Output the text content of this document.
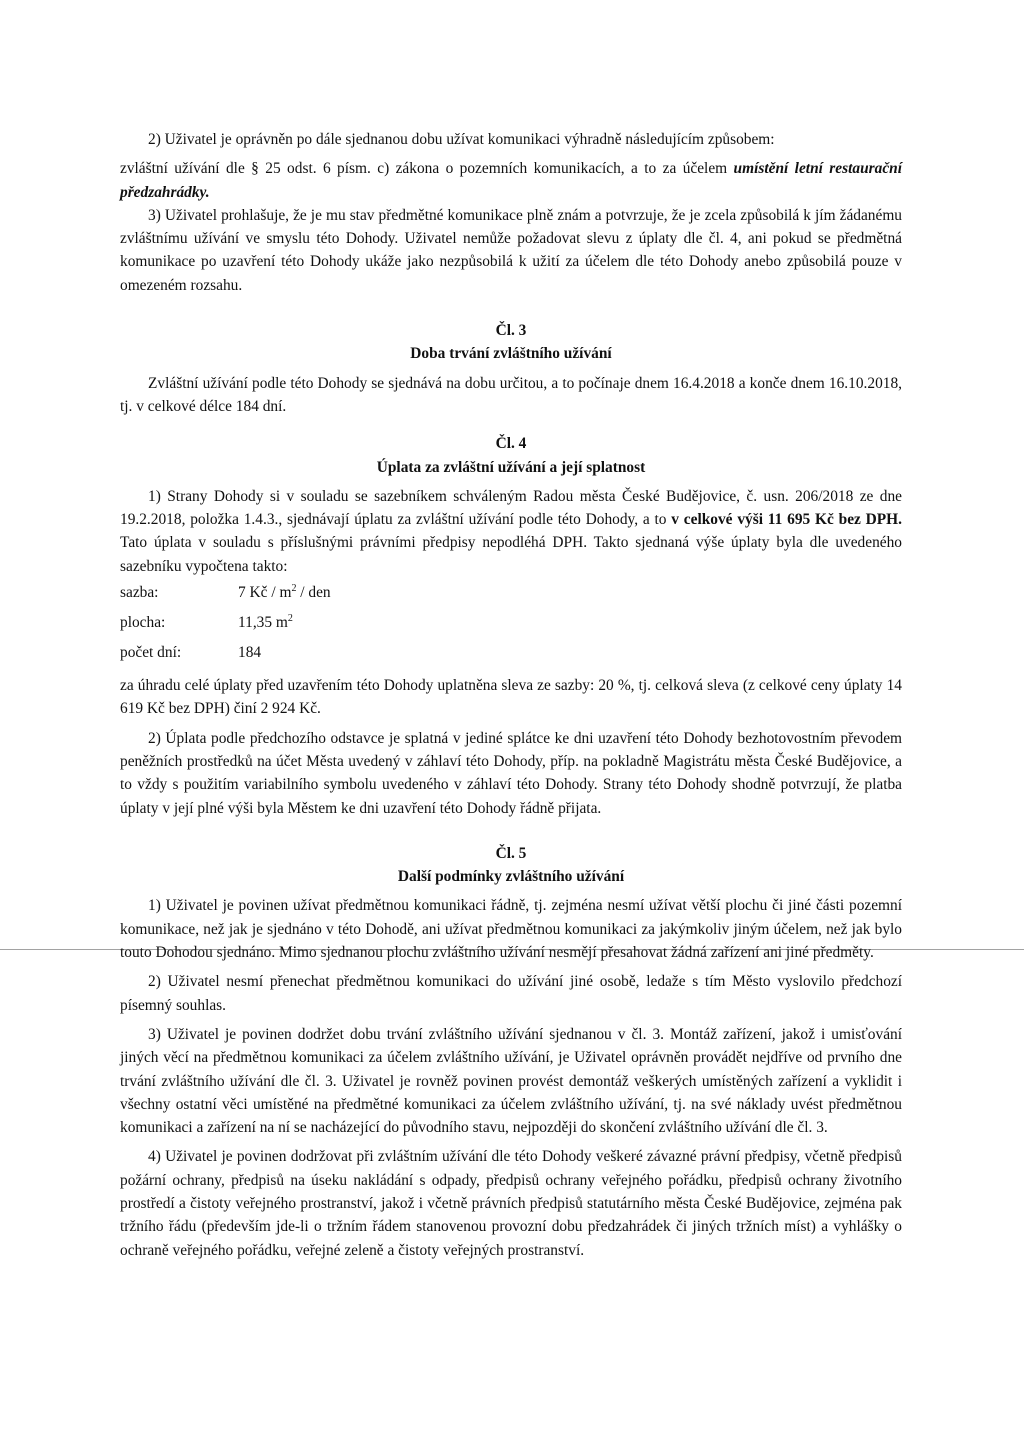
2) Uživatel je oprávněn po dále sjednanou dobu užívat komunikaci výhradně následujícím způsobem:

zvláštní užívání dle § 25 odst. 6 písm. c) zákona o pozemních komunikacích, a to za účelem umístění letní restaurační předzahrádky.

3) Uživatel prohlašuje, že je mu stav předmětné komunikace plně znám a potvrzuje, že je zcela způsobilá k jím žádanému zvláštnímu užívání ve smyslu této Dohody. Uživatel nemůže požadovat slevu z úplaty dle čl. 4, ani pokud se předmětná komunikace po uzavření této Dohody ukáže jako nezpůsobilá k užití za účelem dle této Dohody anebo způsobilá pouze v omezeném rozsahu.

Čl. 3

Doba trvání zvláštního užívání

Zvláštní užívání podle této Dohody se sjednává na dobu určitou, a to počínaje dnem 16.4.2018 a konče dnem 16.10.2018, tj. v celkové délce 184 dní.

Čl. 4

Úplata za zvláštní užívání a její splatnost

1) Strany Dohody si v souladu se sazebníkem schváleným Radou města České Budějovice, č. usn. 206/2018 ze dne 19.2.2018, položka 1.4.3., sjednávají úplatu za zvláštní užívání podle této Dohody, a to v celkové výši 11 695 Kč bez DPH. Tato úplata v souladu s příslušnými právními předpisy nepodléhá DPH. Takto sjednaná výše úplaty byla dle uvedeného sazebníku vypočtena takto:

sazba:	7 Kč / $m^2$ / den
plocha:	11,35 $m^2$
počet dní:	184

za úhradu celé úplaty před uzavřením této Dohody uplatněna sleva ze sazby: 20 %, tj. celková sleva (z celkové ceny úplaty 14 619 Kč bez DPH) činí 2 924 Kč.

2) Úplata podle předchozího odstavce je splatná v jediné splátce ke dni uzavření této Dohody bezhotovostním převodem peněžních prostředků na účet Města uvedený v záhlaví této Dohody, příp. na pokladně Magistrátu města České Budějovice, a to vždy s použitím variabilního symbolu uvedeného v záhlaví této Dohody. Strany této Dohody shodně potvrzují, že platba úplaty v její plné výši byla Městem ke dni uzavření této Dohody řádně přijata.

Čl. 5

Další podmínky zvláštního užívání

1) Uživatel je povinen užívat předmětnou komunikaci řádně, tj. zejména nesmí užívat větší plochu či jiné části pozemní komunikace, než jak je sjednáno v této Dohodě, ani užívat předmětnou komunikaci za jakýmkoliv jiným účelem, než jak bylo touto Dohodou sjednáno. Mimo sjednanou plochu zvláštního užívání nesmějí přesahovat žádná zařízení ani jiné předměty.

2) Uživatel nesmí přenechat předmětnou komunikaci do užívání jiné osobě, ledaže s tím Město vyslovilo předchozí písemný souhlas.

3) Uživatel je povinen dodržet dobu trvání zvláštního užívání sjednanou v čl. 3. Montáž zařízení, jakož i umisťování jiných věcí na předmětnou komunikaci za účelem zvláštního užívání, je Uživatel oprávněn provádět nejdříve od prvního dne trvání zvláštního užívání dle čl. 3. Uživatel je rovněž povinen provést demontáž veškerých umístěných zařízení a vyklidit i všechny ostatní věci umístěné na předmětné komunikaci za účelem zvláštního užívání, tj. na své náklady uvést předmětnou komunikaci a zařízení na ní se nacházející do původního stavu, nejpozději do skončení zvláštního užívání dle čl. 3.

4) Uživatel je povinen dodržovat při zvláštním užívání dle této Dohody veškeré závazné právní předpisy, včetně předpisů požární ochrany, předpisů na úseku nakládání s odpady, předpisů ochrany veřejného pořádku, předpisů ochrany životního prostředí a čistoty veřejného prostranství, jakož i včetně právních předpisů statutárního města České Budějovice, zejména pak tržního řádu (především jde-li o tržním řádem stanovenou provozní dobu předzahrádek či jiných tržních míst) a vyhlášky o ochraně veřejného pořádku, veřejné zeleně a čistoty veřejných prostranství.
